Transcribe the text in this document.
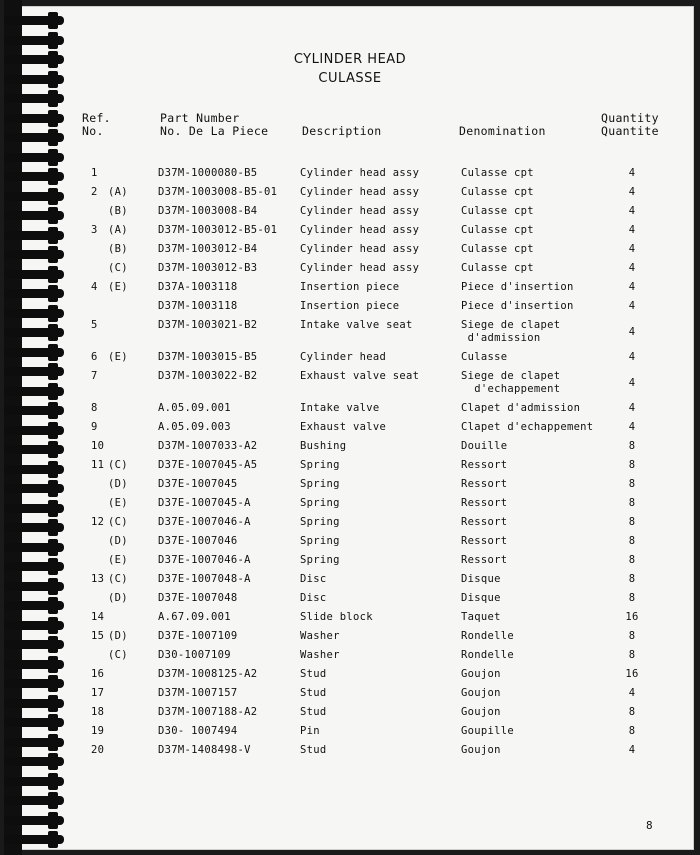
CYLINDER HEAD
CULASSE
Ref.
No.
Part Number
No. De La Piece	Description	Denomination
Quantity
Quantite
1	D37M-1000080-B5	Cylinder head assy	Culasse cpt	4
2 (A)	D37M-1003008-B5-01 Cylinder head assy	Culasse cpt	4
(B)	D37M-1003008-B4	Cylinder head assy	Culasse cpt	4
3 (A)	D37M-1003012-B5-01 Cylinder head assy	Culasse cpt	4
(B)	D37M-1003012-B4	Cylinder head assy	Culasse cpt	4
(C)	D37M-1003012-B3	Cylinder head assy	Culasse cpt	4
4 (E)	D37A-1003118	Insertion piece	Piece d'insertion	4
D37M-1003118	Insertion piece	Piece d'insertion	4
5	D37M-1003021-B2	Intake valve seat	Siege de clapet
d'admission	4
6 (E)	D37M-1003015-B5	Cylinder head	Culasse	4
7	D37M-1003022-B2	Exhaust valve seat	Siege de clapet
d'echappement	4
8	A.05.09.001	Intake valve	Clapet d'admission	4
9	A.05.09.003	Exhaust valve	Clapet d'echappement	4
10	D37M-1007033-A2	Bushing	Douille	8
11 (C)	D37E-1007045-A5	Spring	Ressort	8
(D)	D37E-1007045	Spring	Ressort	8
(E)	D37E-1007045-A	Spring	Ressort	8
12 (C)	D37E-1007046-A	Spring	Ressort	8
(D)	D37E-1007046	Spring	Ressort	8
(E)	D37E-1007046-A	Spring	Ressort	8
13 (C)	D37E-1007048-A	Disc	Disque	8
(D)	D37E-1007048	Disc	Disque	8
14	A.67.09.001	Slide block	Taquet	16
15 (D)	D37E-1007109	Washer	Rondelle	8
(C)	D30-1007109	Washer	Rondelle	8
16	D37M-1008125-A2	Stud	Goujon	16
17	D37M-1007157	Stud	Goujon	4
18	D37M-1007188-A2	Stud	Goujon	8
19	D30- 1007494	Pin	Goupille	8
20	D37M-1408498-V	Stud	Goujon	4
8
